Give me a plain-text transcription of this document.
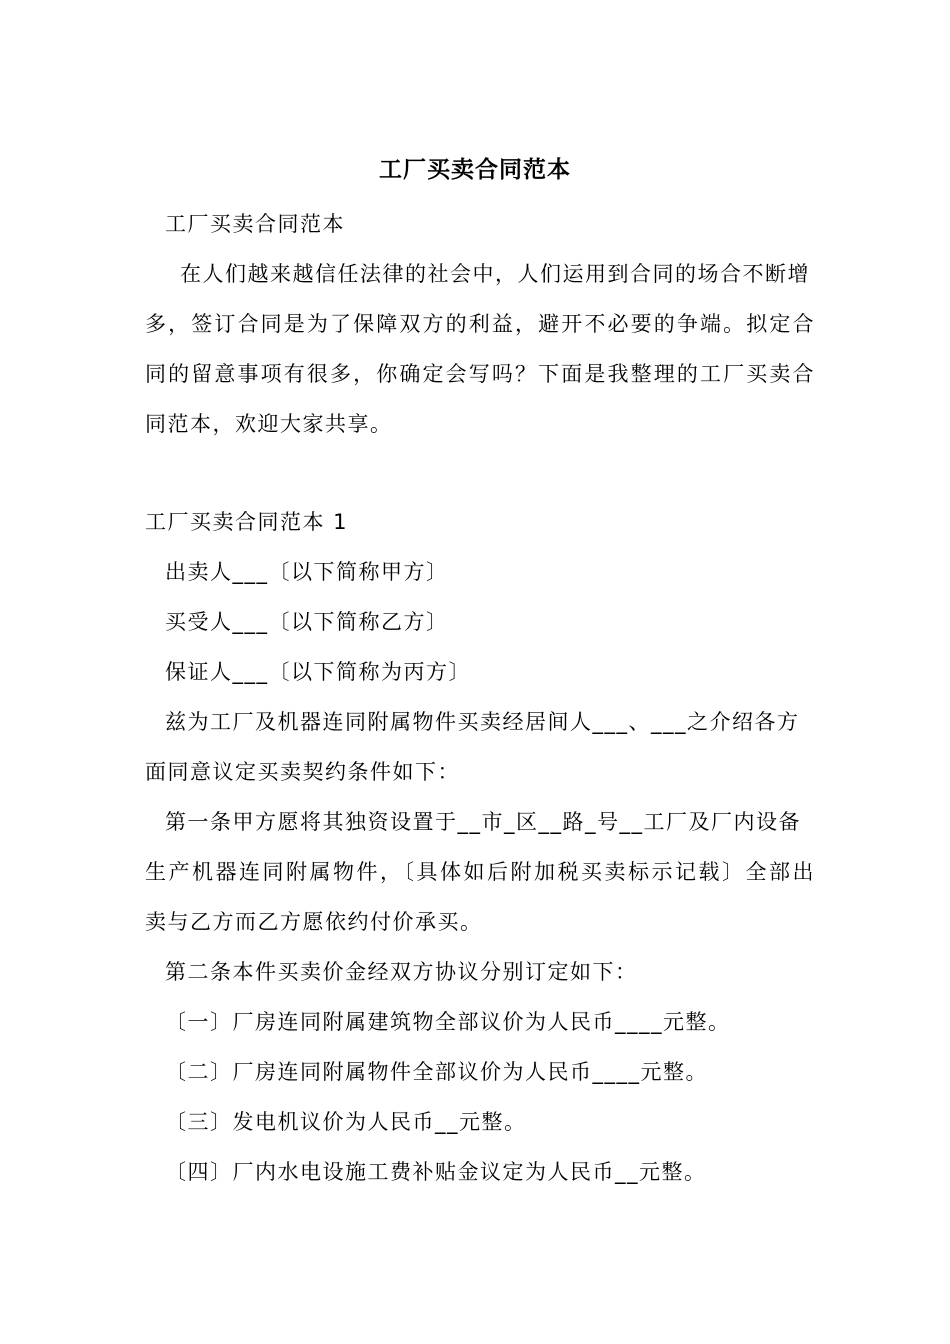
工厂买卖合同范本
工厂买卖合同范本
在人们越来越信任法律的社会中，人们运用到合同的场合不断增
多，签订合同是为了保障双方的利益，避开不必要的争端。拟定合
同的留意事项有很多，你确定会写吗？下面是我整理的工厂买卖合
同范本，欢迎大家共享。
工厂买卖合同范本 1
出卖人___〔以下简称甲方〕
买受人___〔以下简称乙方〕
保证人___〔以下简称为丙方〕
兹为工厂及机器连同附属物件买卖经居间人___、___之介绍各方
面同意议定买卖契约条件如下：
第一条甲方愿将其独资设置于__市_区__路_号__工厂及厂内设备
生产机器连同附属物件，〔具体如后附加税买卖标示记载〕全部出
卖与乙方而乙方愿依约付价承买。
第二条本件买卖价金经双方协议分别订定如下：
〔一〕厂房连同附属建筑物全部议价为人民币____元整。
〔二〕厂房连同附属物件全部议价为人民币____元整。
〔三〕发电机议价为人民币__元整。
〔四〕厂内水电设施工费补贴金议定为人民币__元整。
